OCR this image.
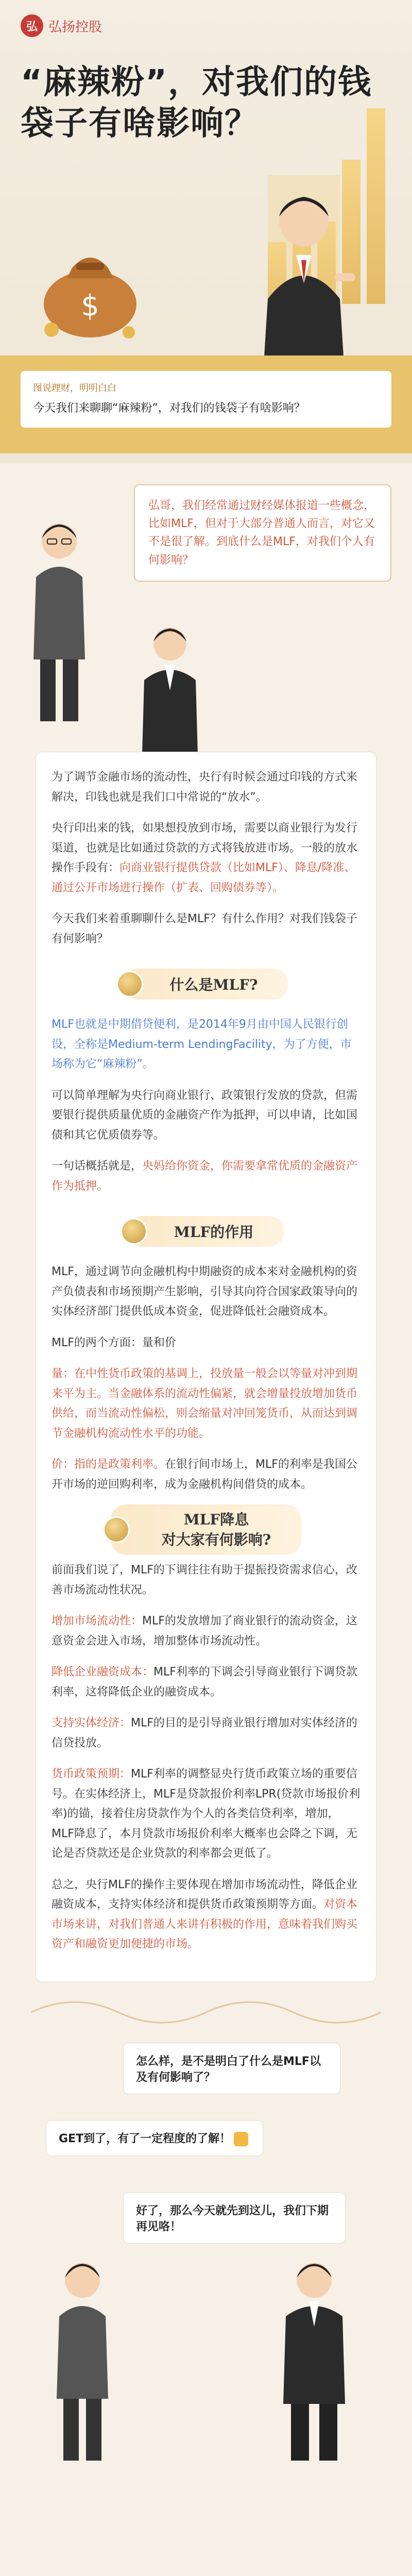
弘 弘扬控股
“麻辣粉”，对我们的钱袋子有啥影响？
$
图说理财，明明白白
今天我们来聊聊“麻辣粉”，对我们的钱袋子有啥影响？
弘哥，我们经常通过财经媒体报道一些概念，比如MLF，但对于大部分普通人而言，对它又不是很了解。到底什么是MLF，对我们个人有何影响？

为了调节金融市场的流动性，央行有时候会通过印钱的方式来解决，印钱也就是我们口中常说的“放水”。

央行印出来的钱，如果想投放到市场，需要以商业银行为发行渠道，也就是比如通过贷款的方式将钱放进市场。一般的放水操作手段有：向商业银行提供贷款（比如MLF）、降息/降准、通过公开市场进行操作（扩表、回购债券等）。

今天我们来着重聊聊什么是MLF？有什么作用？对我们钱袋子有何影响？

什么是MLF?

MLF也就是中期借贷便利，是2014年9月由中国人民银行创设，全称是Medium-term LendingFacility，为了方便，市场称为它“麻辣粉”。

可以简单理解为央行向商业银行、政策银行发放的贷款，但需要银行提供质量优质的金融资产作为抵押，可以申请，比如国债和其它优质债券等。

一句话概括就是，央妈给你资金，你需要拿常优质的金融资产作为抵押。

MLF的作用

MLF，通过调节向金融机构中期融资的成本来对金融机构的资产负债表和市场预期产生影响，引导其向符合国家政策导向的实体经济部门提供低成本资金，促进降低社会融资成本。

MLF的两个方面：量和价

量：在中性货币政策的基调上，投放量一般会以等量对冲到期来平为主。当金融体系的流动性偏紧，就会增量投放增加货币供给，而当流动性偏松，则会缩量对冲回笼货币，从而达到调节金融机构流动性水平的功能。

价：指的是政策利率。在银行间市场上，MLF的利率是我国公开市场的逆回购利率，成为金融机构间借贷的成本。

MLF降息
对大家有何影响?

前面我们说了，MLF的下调往往有助于提振投资需求信心，改善市场流动性状况。

增加市场流动性：MLF的发放增加了商业银行的流动资金，这意资金会进入市场，增加整体市场流动性。

降低企业融资成本：MLF利率的下调会引导商业银行下调贷款利率，这将降低企业的融资成本。

支持实体经济：MLF的目的是引导商业银行增加对实体经济的信贷投放。

货币政策预期：MLF利率的调整显央行货币政策立场的重要信号。在实体经济上，MLF是贷款报价利率LPR(贷款市场报价利率)的锚，接着住房贷款作为个人的各类信贷利率，增加，MLF降息了，本月贷款市场报价利率大概率也会降之下调，无论是否贷款还是企业贷款的利率都会更低了。

总之，央行MLF的操作主要体现在增加市场流动性，降低企业融资成本，支持实体经济和提供货币政策预期等方面。对资本市场来讲，对我们普通人来讲有积极的作用，意味着我们购买资产和融资更加便捷的市场。

怎么样，是不是明白了什么是MLF以及有何影响了？
GET到了，有了一定程度的了解！
好了，那么今天就先到这儿，我们下期再见咯！
